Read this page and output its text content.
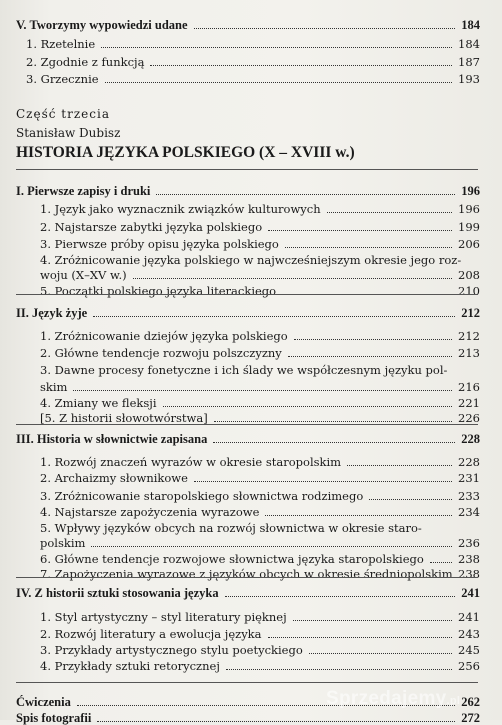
V. Tworzymy wypowiedzi udane	184
1. Rzetelnie	184
2. Zgodnie z funkcją	187
3. Grzecznie	193
Część trzecia
Stanisław Dubisz
HISTORIA JĘZYKA POLSKIEGO (X – XVIII w.)
I. Pierwsze zapisy i druki	196
1. Język jako wyznacznik związków kulturowych	196
2. Najstarsze zabytki języka polskiego	199
3. Pierwsze próby opisu języka polskiego	206
4. Zróżnicowanie języka polskiego w najwcześniejszym okresie jego roz-
woju (X–XV w.)	208
5. Początki polskiego języka literackiego	210
II. Język żyje	212
1. Zróżnicowanie dziejów języka polskiego	212
2. Główne tendencje rozwoju polszczyzny	213
3. Dawne procesy fonetyczne i ich ślady we współczesnym języku pol-
skim	216
4. Zmiany we fleksji	221
[5. Z historii słowotwórstwa]	226
III. Historia w słownictwie zapisana	228
1. Rozwój znaczeń wyrazów w okresie staropolskim	228
2. Archaizmy słownikowe	231
3. Zróżnicowanie staropolskiego słownictwa rodzimego	233
4. Najstarsze zapożyczenia wyrazowe	234
5. Wpływy języków obcych na rozwój słownictwa w okresie staro-
polskim	236
6. Główne tendencje rozwojowe słownictwa języka staropolskiego	238
7. Zapożyczenia wyrazowe z języków obcych w okresie średniopolskim 238
IV. Z historii sztuki stosowania języka	241
1. Styl artystyczny – styl literatury pięknej	241
2. Rozwój literatury a ewolucja języka	243
3. Przykłady artystycznego stylu poetyckiego	245
4. Przykłady sztuki retorycznej	256
Ćwiczenia	262
Spis fotografii	272
Sprzedajemy.pl
